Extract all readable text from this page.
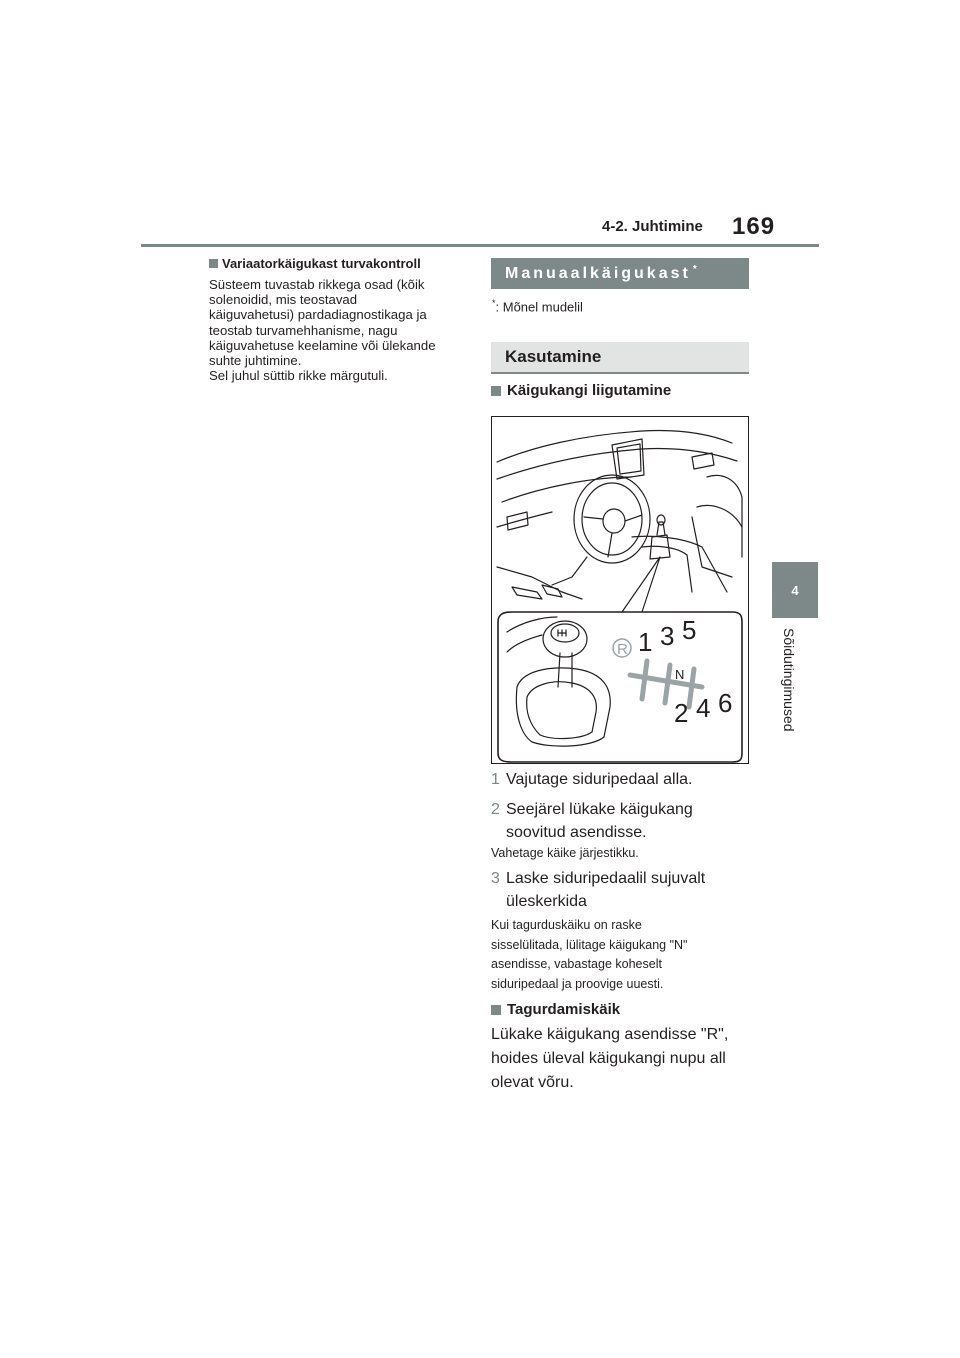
4-2. Juhtimine 169
4
Sõidutingimused
Variaatorkäigukast turvakontroll
Süsteem tuvastab rikkega osad (kõik
solenoidid, mis teostavad
käiguvahetusi) pardadiagnostikaga ja
teostab turvamehhanisme, nagu
käiguvahetuse keelamine või ülekande
suhte juhtimine.
Sel juhul süttib rikke märgutuli.
Manuaalkäigukast*
*: Mõnel mudelil
Kasutamine
Käigukangi liigutamine
R 1 3 5
N
2 4 6
1 Vajutage siduripedaal alla.
2 Seejärel lükake käigukang
soovitud asendisse.
Vahetage käike järjestikku.
3 Laske siduripedaalil sujuvalt
üleskerkida
Kui tagurduskäiku on raske
sisselülitada, lülitage käigukang "N"
asendisse, vabastage koheselt
siduripedaal ja proovige uuesti.
Tagurdamiskäik
Lükake käigukang asendisse "R",
hoides üleval käigukangi nupu all
olevat võru.
